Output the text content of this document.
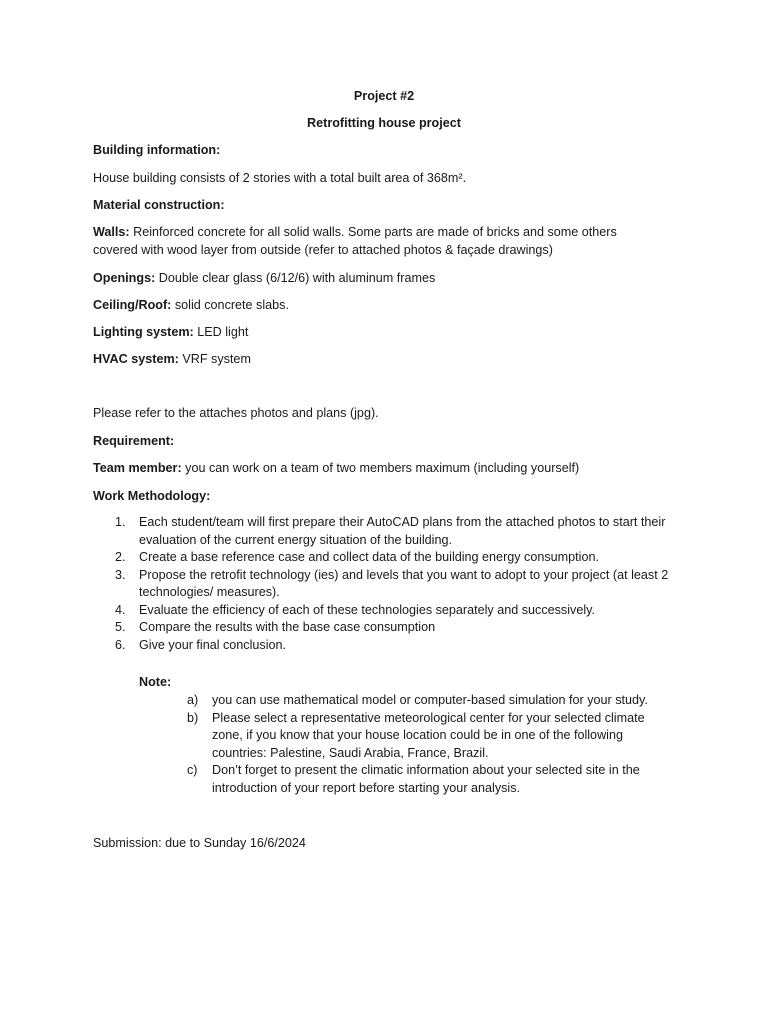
Project #2

Retrofitting house project

Building information:

House building consists of 2 stories with a total built area of 368m².

Material construction:

Walls: Reinforced concrete for all solid walls. Some parts are made of bricks and some others covered with wood layer from outside (refer to attached photos & façade drawings)

Openings: Double clear glass (6/12/6) with aluminum frames

Ceiling/Roof: solid concrete slabs.

Lighting system: LED light

HVAC system: VRF system

Please refer to the attaches photos and plans (jpg).

Requirement:

Team member: you can work on a team of two members maximum (including yourself)

Work Methodology:

1. Each student/team will first prepare their AutoCAD plans from the attached photos to start their evaluation of the current energy situation of the building.
2. Create a base reference case and collect data of the building energy consumption.
3. Propose the retrofit technology (ies) and levels that you want to adopt to your project (at least 2 technologies/ measures).
4. Evaluate the efficiency of each of these technologies separately and successively.
5. Compare the results with the base case consumption
6. Give your final conclusion.

Note:

a) you can use mathematical model or computer-based simulation for your study.
b) Please select a representative meteorological center for your selected climate zone, if you know that your house location could be in one of the following countries: Palestine, Saudi Arabia, France, Brazil.
c) Don’t forget to present the climatic information about your selected site in the introduction of your report before starting your analysis.

Submission: due to Sunday 16/6/2024
